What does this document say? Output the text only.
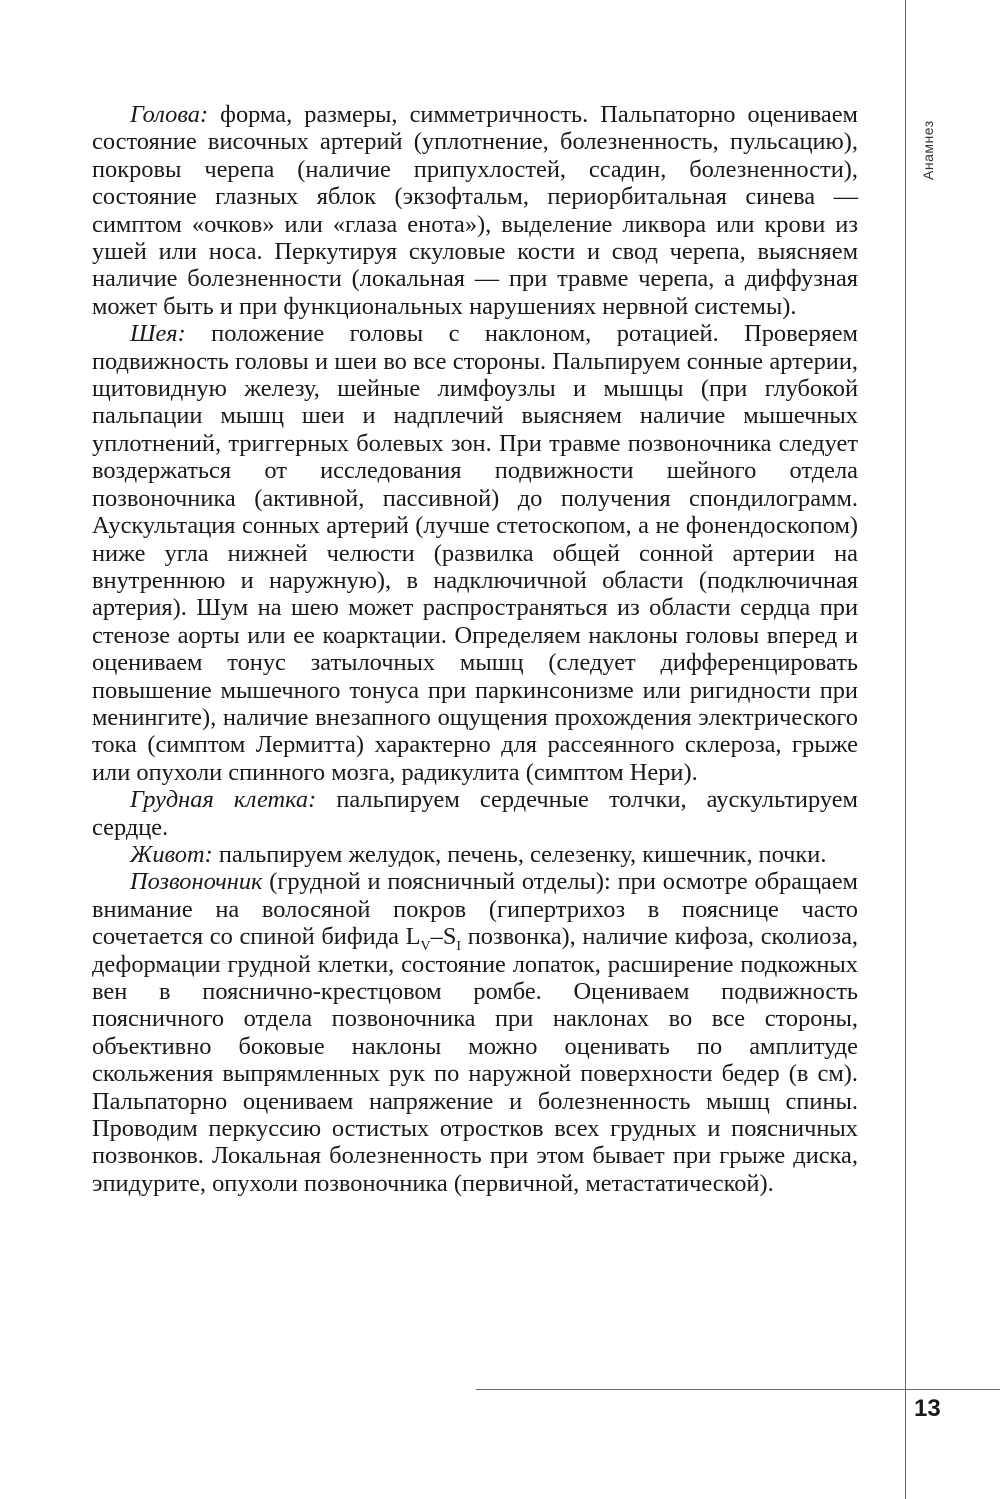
Анамнез

Голова: форма, размеры, симметричность. Пальпаторно оцениваем состояние височных артерий (уплотнение, болезненность, пульсацию), покровы черепа (наличие припухлостей, ссадин, болезненности), состояние глазных яблок (экзофтальм, периорбитальная синева — симптом «очков» или «глаза енота»), выделение ликвора или крови из ушей или носа. Перкутируя скуловые кости и свод черепа, выясняем наличие болезненности (локальная — при травме черепа, а диффузная может быть и при функциональных нарушениях нервной системы).

Шея: положение головы с наклоном, ротацией. Проверяем подвижность головы и шеи во все стороны. Пальпируем сонные артерии, щитовидную железу, шейные лимфоузлы и мышцы (при глубокой пальпации мышц шеи и надплечий выясняем наличие мышечных уплотнений, триггерных болевых зон. При травме позвоночника следует воздержаться от исследования подвижности шейного отдела позвоночника (активной, пассивной) до получения спондилограмм. Аускультация сонных артерий (лучше стетоскопом, а не фонендоскопом) ниже угла нижней челюсти (развилка общей сонной артерии на внутреннюю и наружную), в надключичной области (подключичная артерия). Шум на шею может распространяться из области сердца при стенозе аорты или ее коарктации. Определяем наклоны головы вперед и оцениваем тонус затылочных мышц (следует дифференцировать повышение мышечного тонуса при паркинсонизме или ригидности при менингите), наличие внезапного ощущения прохождения электрического тока (симптом Лермитта) характерно для рассеянного склероза, грыже или опухоли спинного мозга, радикулита (симптом Нери).

Грудная клетка: пальпируем сердечные толчки, аускультируем сердце.

Живот: пальпируем желудок, печень, селезенку, кишечник, почки.

Позвоночник (грудной и поясничный отделы): при осмотре обращаем внимание на волосяной покров (гипертрихоз в пояснице часто сочетается со спиной бифида $L_V-S_I$ позвонка), наличие кифоза, сколиоза, деформации грудной клетки, состояние лопаток, расширение подкожных вен в пояснично-крестцовом ромбе. Оцениваем подвижность поясничного отдела позвоночника при наклонах во все стороны, объективно боковые наклоны можно оценивать по амплитуде скольжения выпрямленных рук по наружной поверхности бедер (в см). Пальпаторно оцениваем напряжение и болезненность мышц спины. Проводим перкуссию остистых отростков всех грудных и поясничных позвонков. Локальная болезненность при этом бывает при грыже диска, эпидурите, опухоли позвоночника (первичной, метастатической).

13
